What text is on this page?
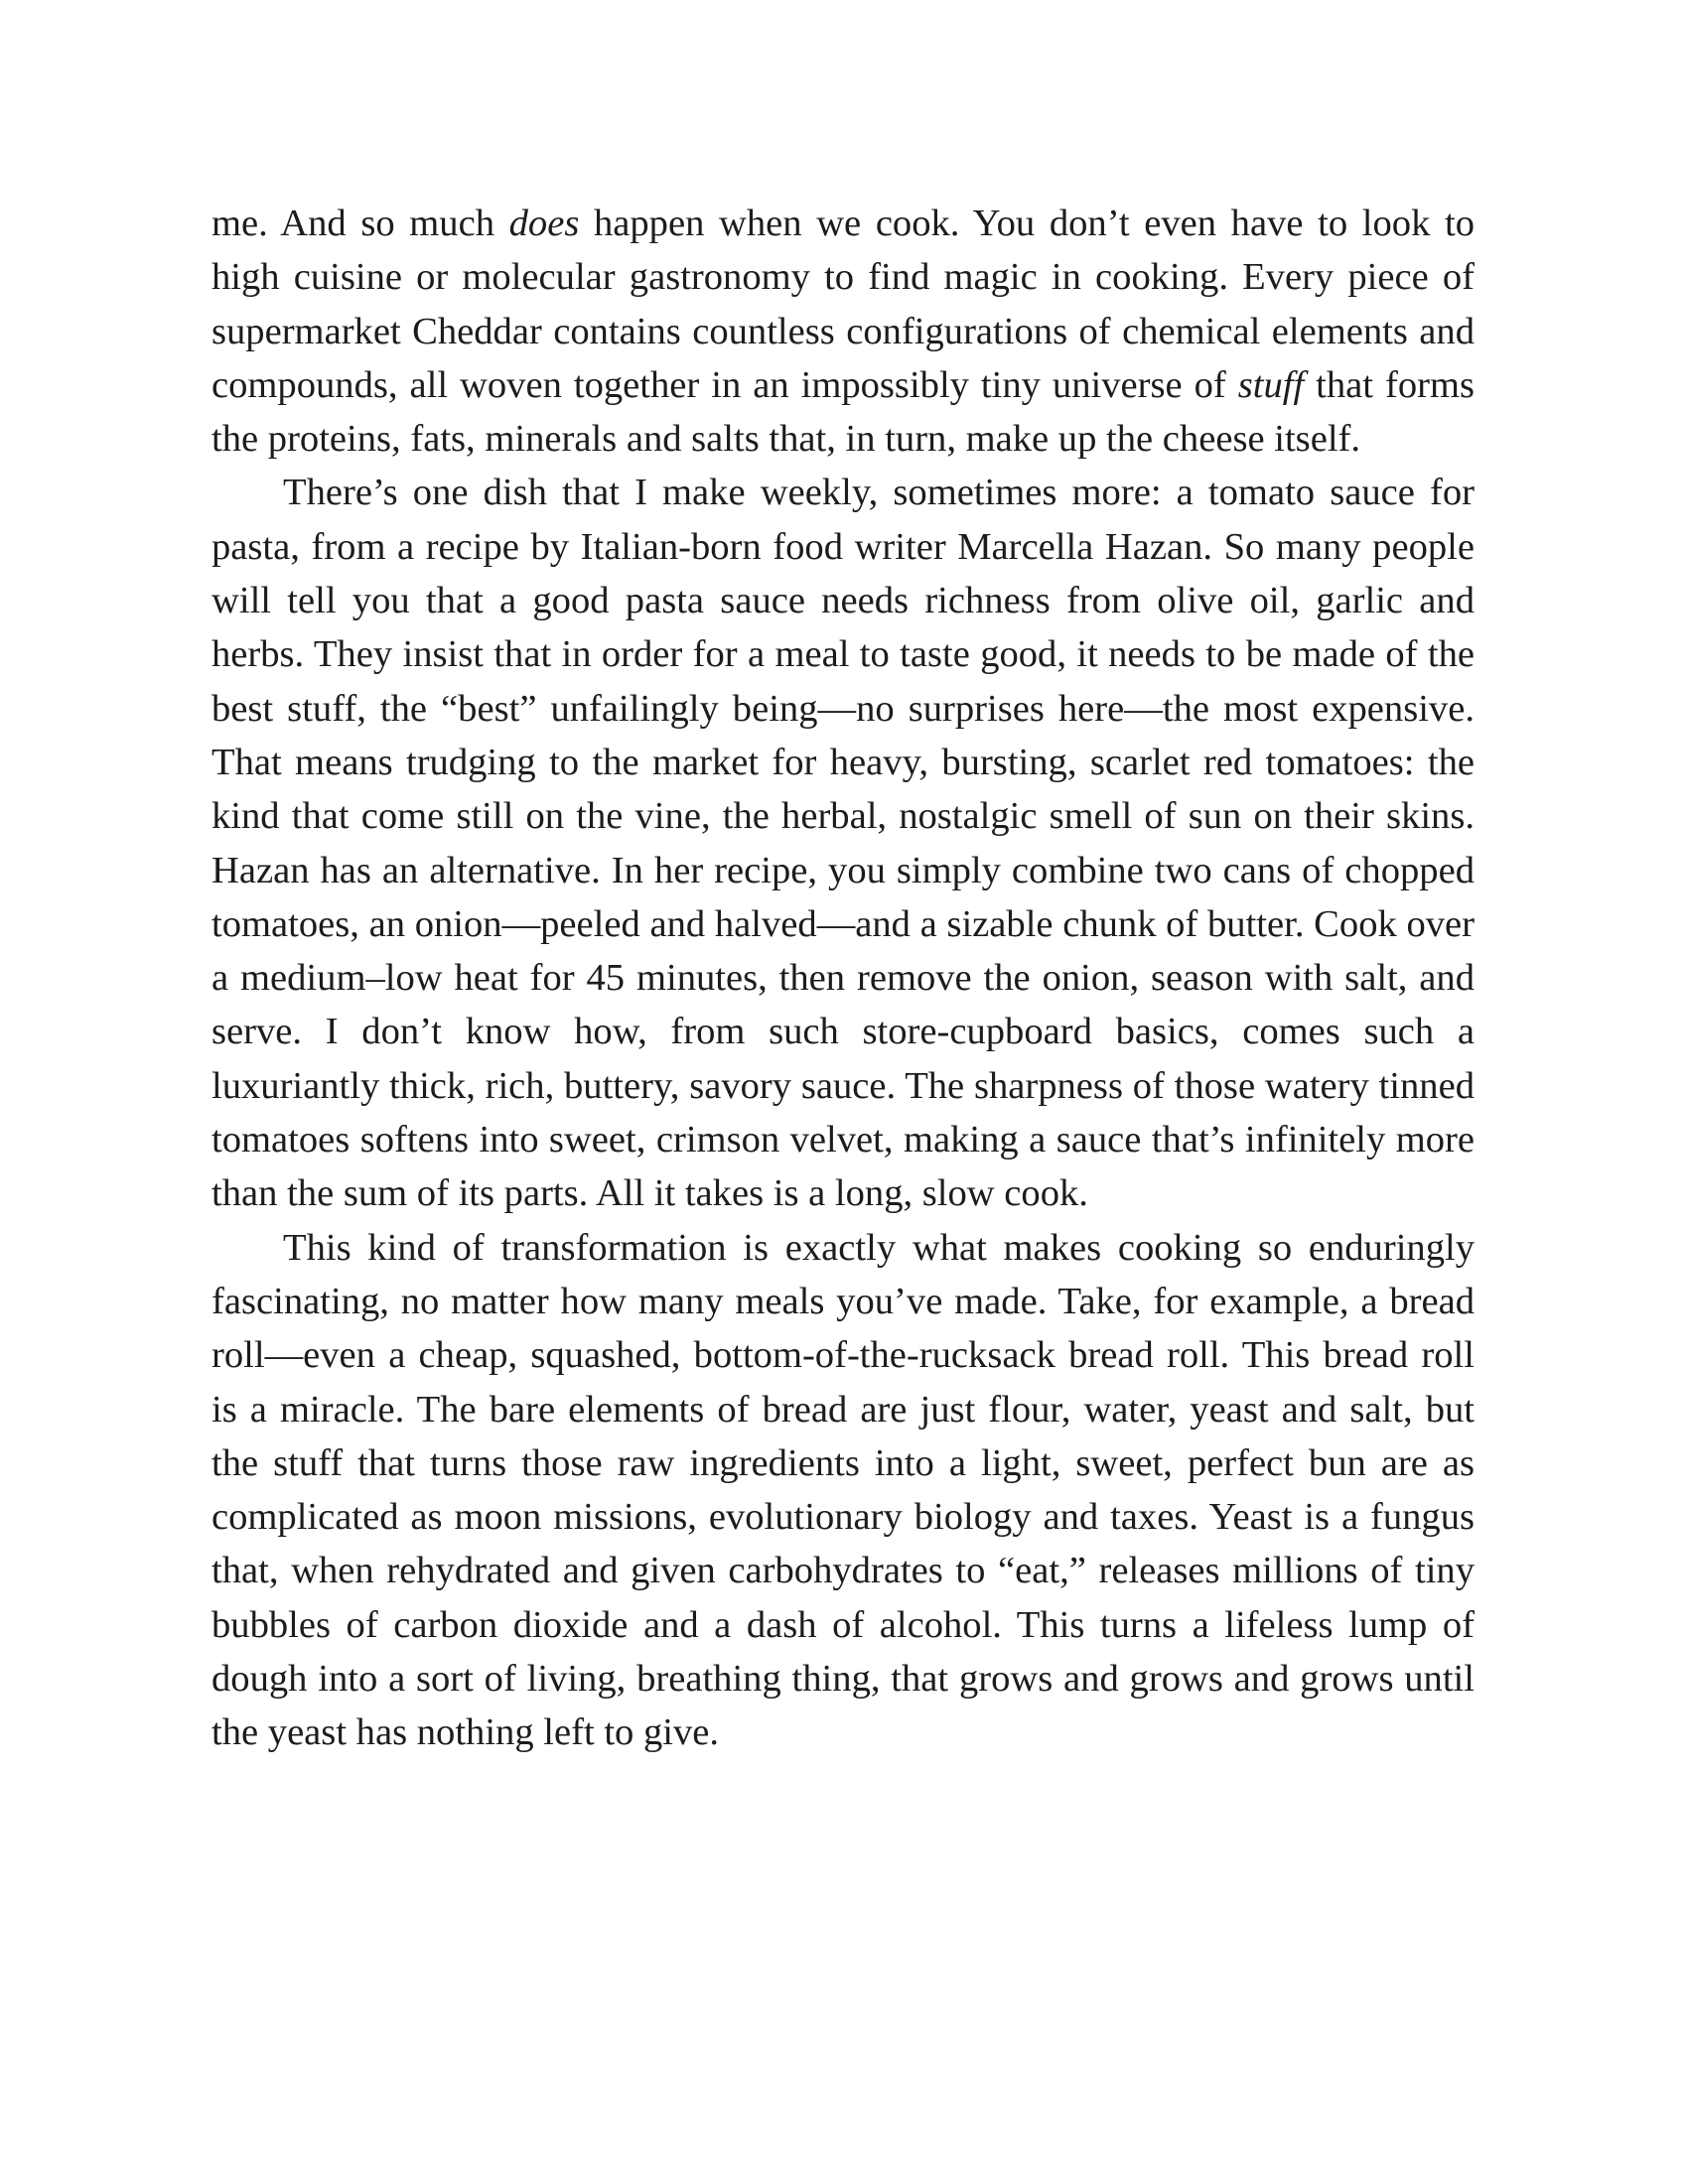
me. And so much does happen when we cook. You don’t even have to look to high cuisine or molecular gastronomy to find magic in cooking. Every piece of supermarket Cheddar contains countless configurations of chemical elements and compounds, all woven together in an impossibly tiny universe of stuff that forms the proteins, fats, minerals and salts that, in turn, make up the cheese itself.

There’s one dish that I make weekly, sometimes more: a tomato sauce for pasta, from a recipe by Italian-born food writer Marcella Hazan. So many people will tell you that a good pasta sauce needs richness from olive oil, garlic and herbs. They insist that in order for a meal to taste good, it needs to be made of the best stuff, the “best” unfailingly being—no surprises here—the most expensive. That means trudging to the market for heavy, bursting, scarlet red tomatoes: the kind that come still on the vine, the herbal, nostalgic smell of sun on their skins. Hazan has an alternative. In her recipe, you simply combine two cans of chopped tomatoes, an onion—peeled and halved—and a sizable chunk of butter. Cook over a medium–low heat for 45 minutes, then remove the onion, season with salt, and serve. I don’t know how, from such store-cupboard basics, comes such a luxuriantly thick, rich, buttery, savory sauce. The sharpness of those watery tinned tomatoes softens into sweet, crimson velvet, making a sauce that’s infinitely more than the sum of its parts. All it takes is a long, slow cook.

This kind of transformation is exactly what makes cooking so enduringly fascinating, no matter how many meals you’ve made. Take, for example, a bread roll—even a cheap, squashed, bottom-of-the-rucksack bread roll. This bread roll is a miracle. The bare elements of bread are just flour, water, yeast and salt, but the stuff that turns those raw ingredients into a light, sweet, perfect bun are as complicated as moon missions, evolutionary biology and taxes. Yeast is a fungus that, when rehydrated and given carbohydrates to “eat,” releases millions of tiny bubbles of carbon dioxide and a dash of alcohol. This turns a lifeless lump of dough into a sort of living, breathing thing, that grows and grows and grows until the yeast has nothing left to give.
